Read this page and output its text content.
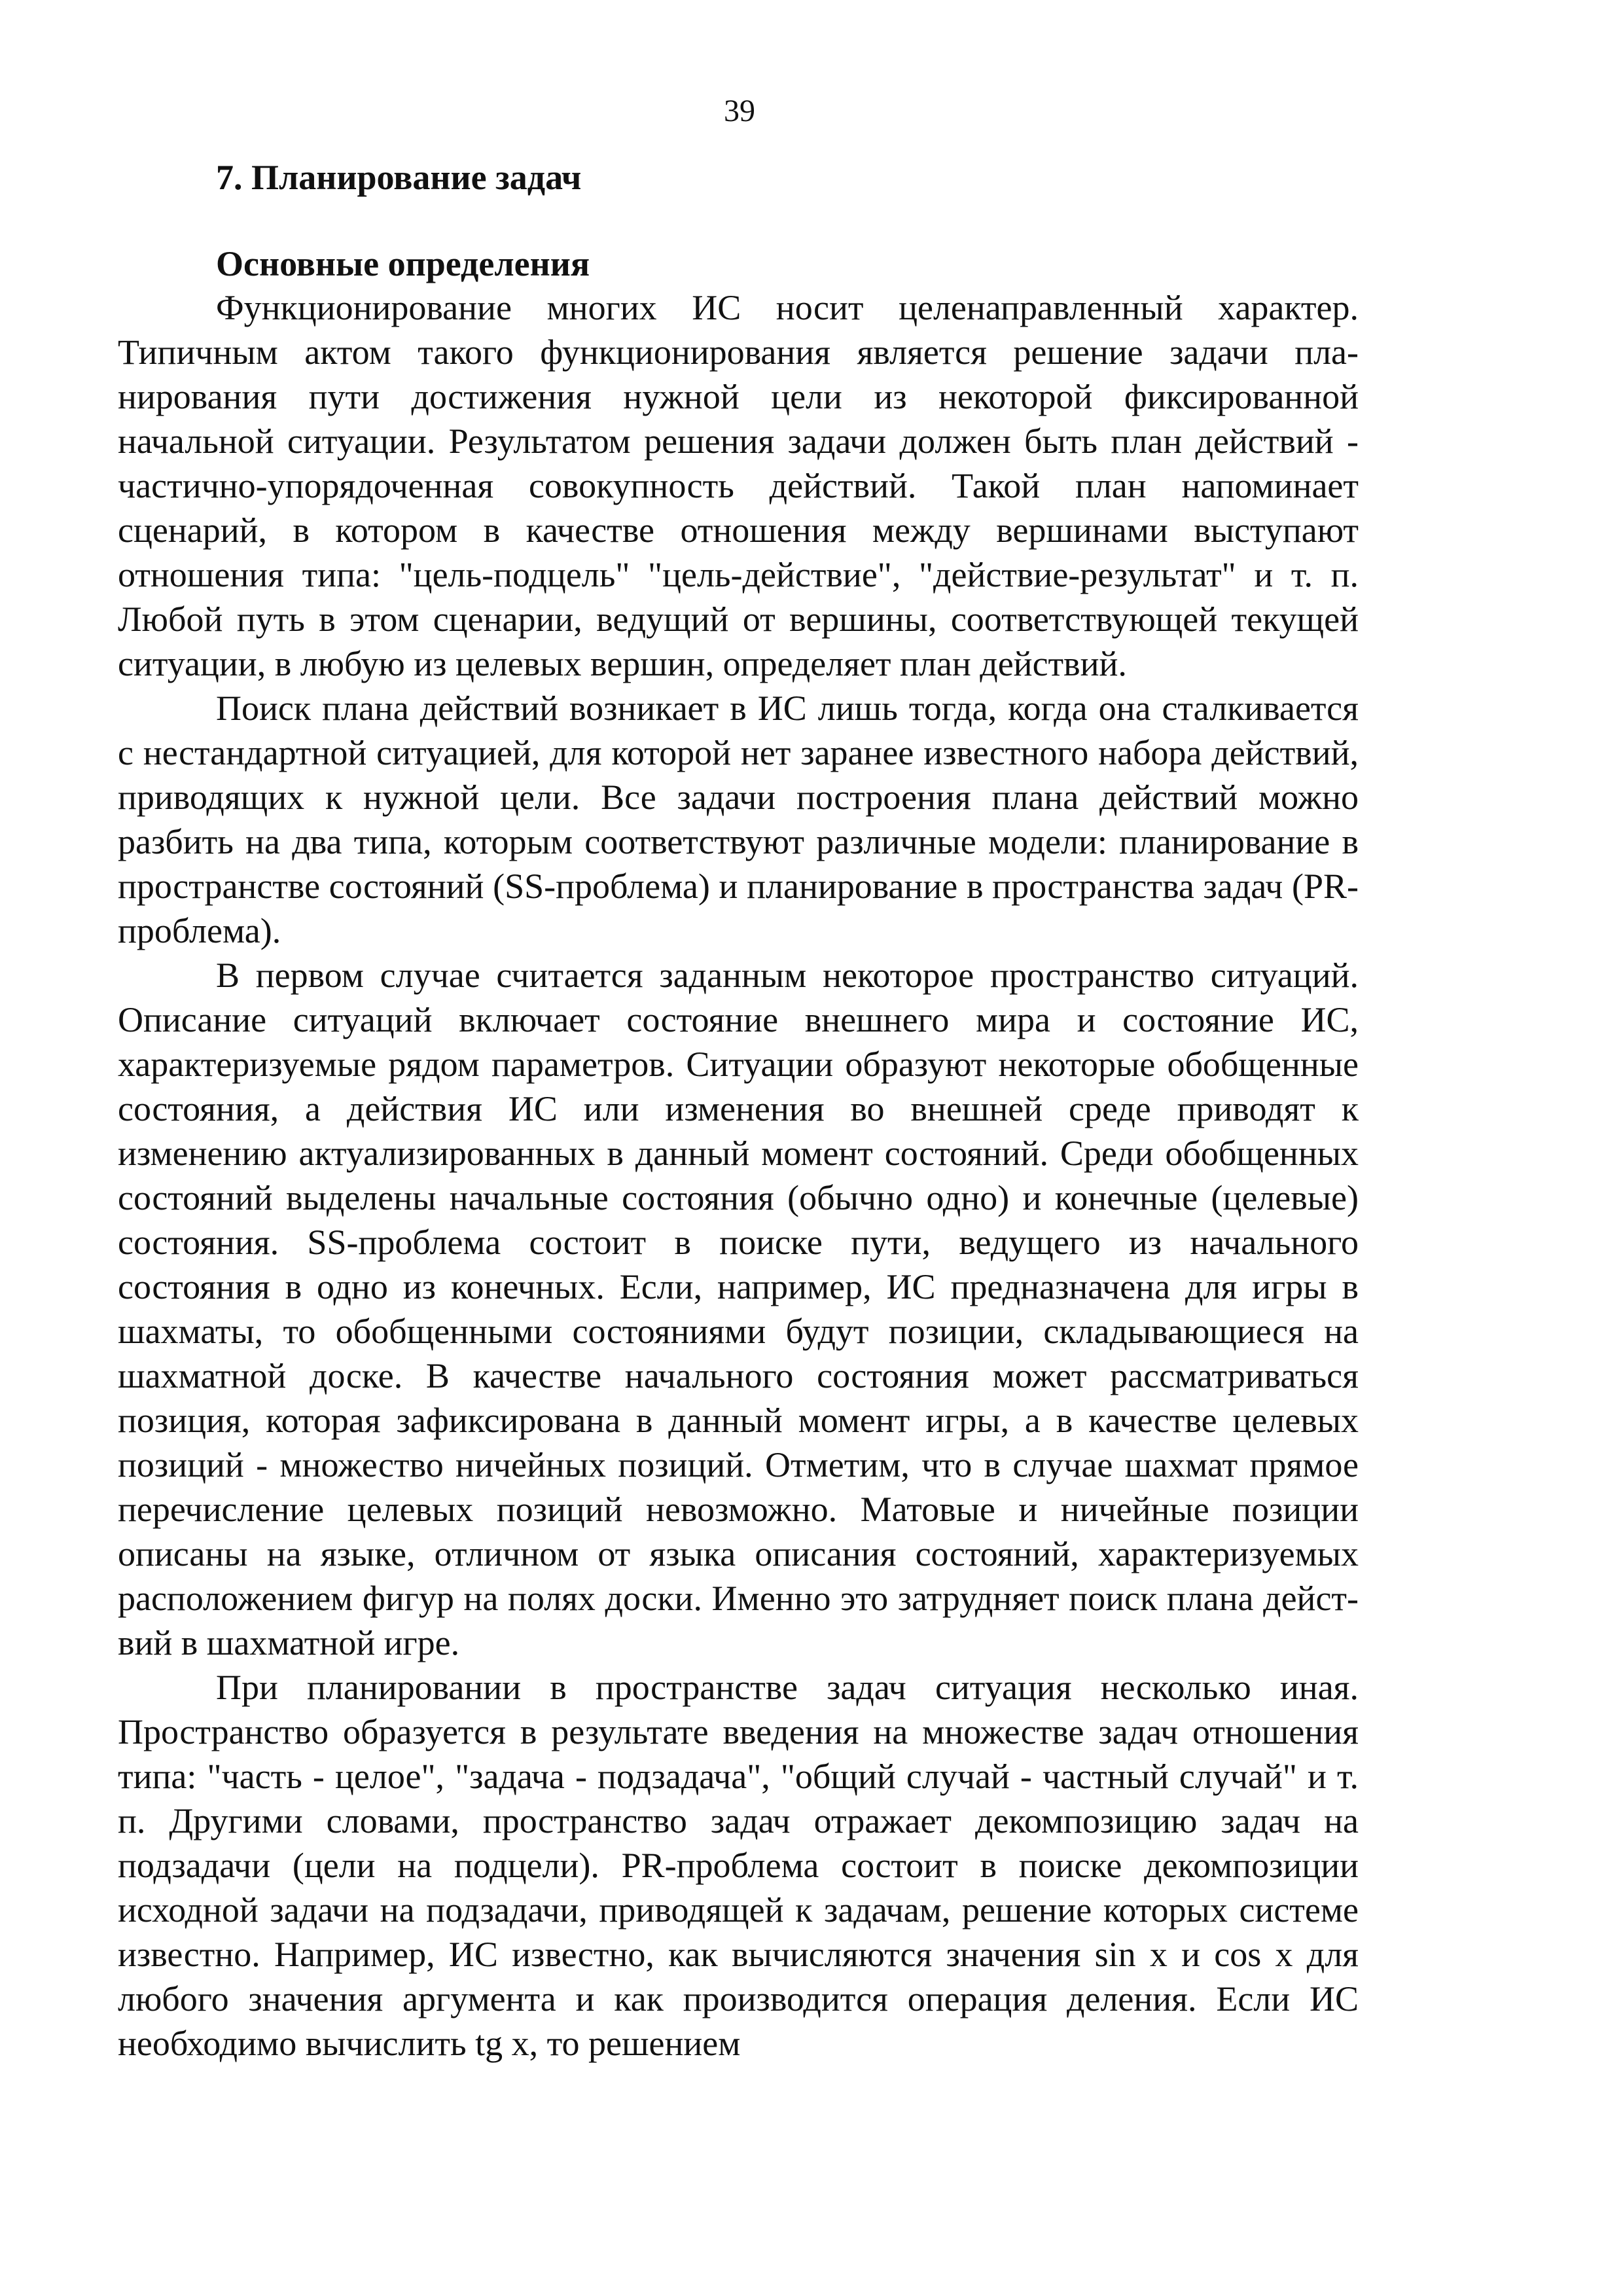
39
7. Планирование задач
Основные определения

Функционирование многих ИС носит целенаправленный характер. Типичным актом такого функционирования является решение задачи планирования пути достижения нужной цели из некоторой фиксированной начальной ситуации. Результатом решения задачи должен быть план действий - частично-упорядоченная совокупность действий. Такой план напоминает сценарий, в котором в качестве отношения между вершинами выступают отношения типа: "цель-подцель" "цель-действие", "действие-результат" и т. п. Любой путь в этом сценарии, ведущий от вершины, соответствующей текущей ситуации, в любую из целевых вершин, определяет план действий.

Поиск плана действий возникает в ИС лишь тогда, когда она сталкивается с нестандартной ситуацией, для которой нет заранее известного набора действий, приводящих к нужной цели. Все задачи построения плана действий можно разбить на два типа, которым соответствуют различные модели: планирование в пространстве состояний (SS-проблема) и планирование в пространства задач (PR-проблема).

В первом случае считается заданным некоторое пространство ситуаций. Описание ситуаций включает состояние внешнего мира и состояние ИС, характеризуемые рядом параметров. Ситуации образуют некоторые обобщенные состояния, а действия ИС или изменения во внешней среде приводят к изменению актуализированных в данный момент состояний. Среди обобщенных состояний выделены начальные состояния (обычно одно) и конечные (целевые) состояния. SS-проблема состоит в поиске пути, ведущего из начального состояния в одно из конечных. Если, например, ИС предназначена для игры в шахматы, то обобщенными состояниями будут позиции, складывающиеся на шахматной доске. В качестве начального состояния может рассматриваться позиция, которая зафиксирована в данный момент игры, а в качестве целевых позиций - множество ничейных позиций. Отметим, что в случае шахмат прямое перечисление целевых позиций невозможно. Матовые и ничейные позиции описаны на языке, отличном от языка описания состояний, характеризуемых расположением фигур на полях доски. Именно это затрудняет поиск плана действий в шахматной игре.

При планировании в пространстве задач ситуация несколько иная. Пространство образуется в результате введения на множестве задач отношения типа: "часть - целое", "задача - подзадача", "общий случай - частный случай" и т. п. Другими словами, пространство задач отражает декомпозицию задач на подзадачи (цели на подцели). PR-проблема состоит в поиске декомпозиции исходной задачи на подзадачи, приводящей к задачам, решение которых системе известно. Например, ИС известно, как вычисляются значения sin x и cos x для любого значения аргумента и как производится операция деления. Если ИС необходимо вычислить tg x, то решением
